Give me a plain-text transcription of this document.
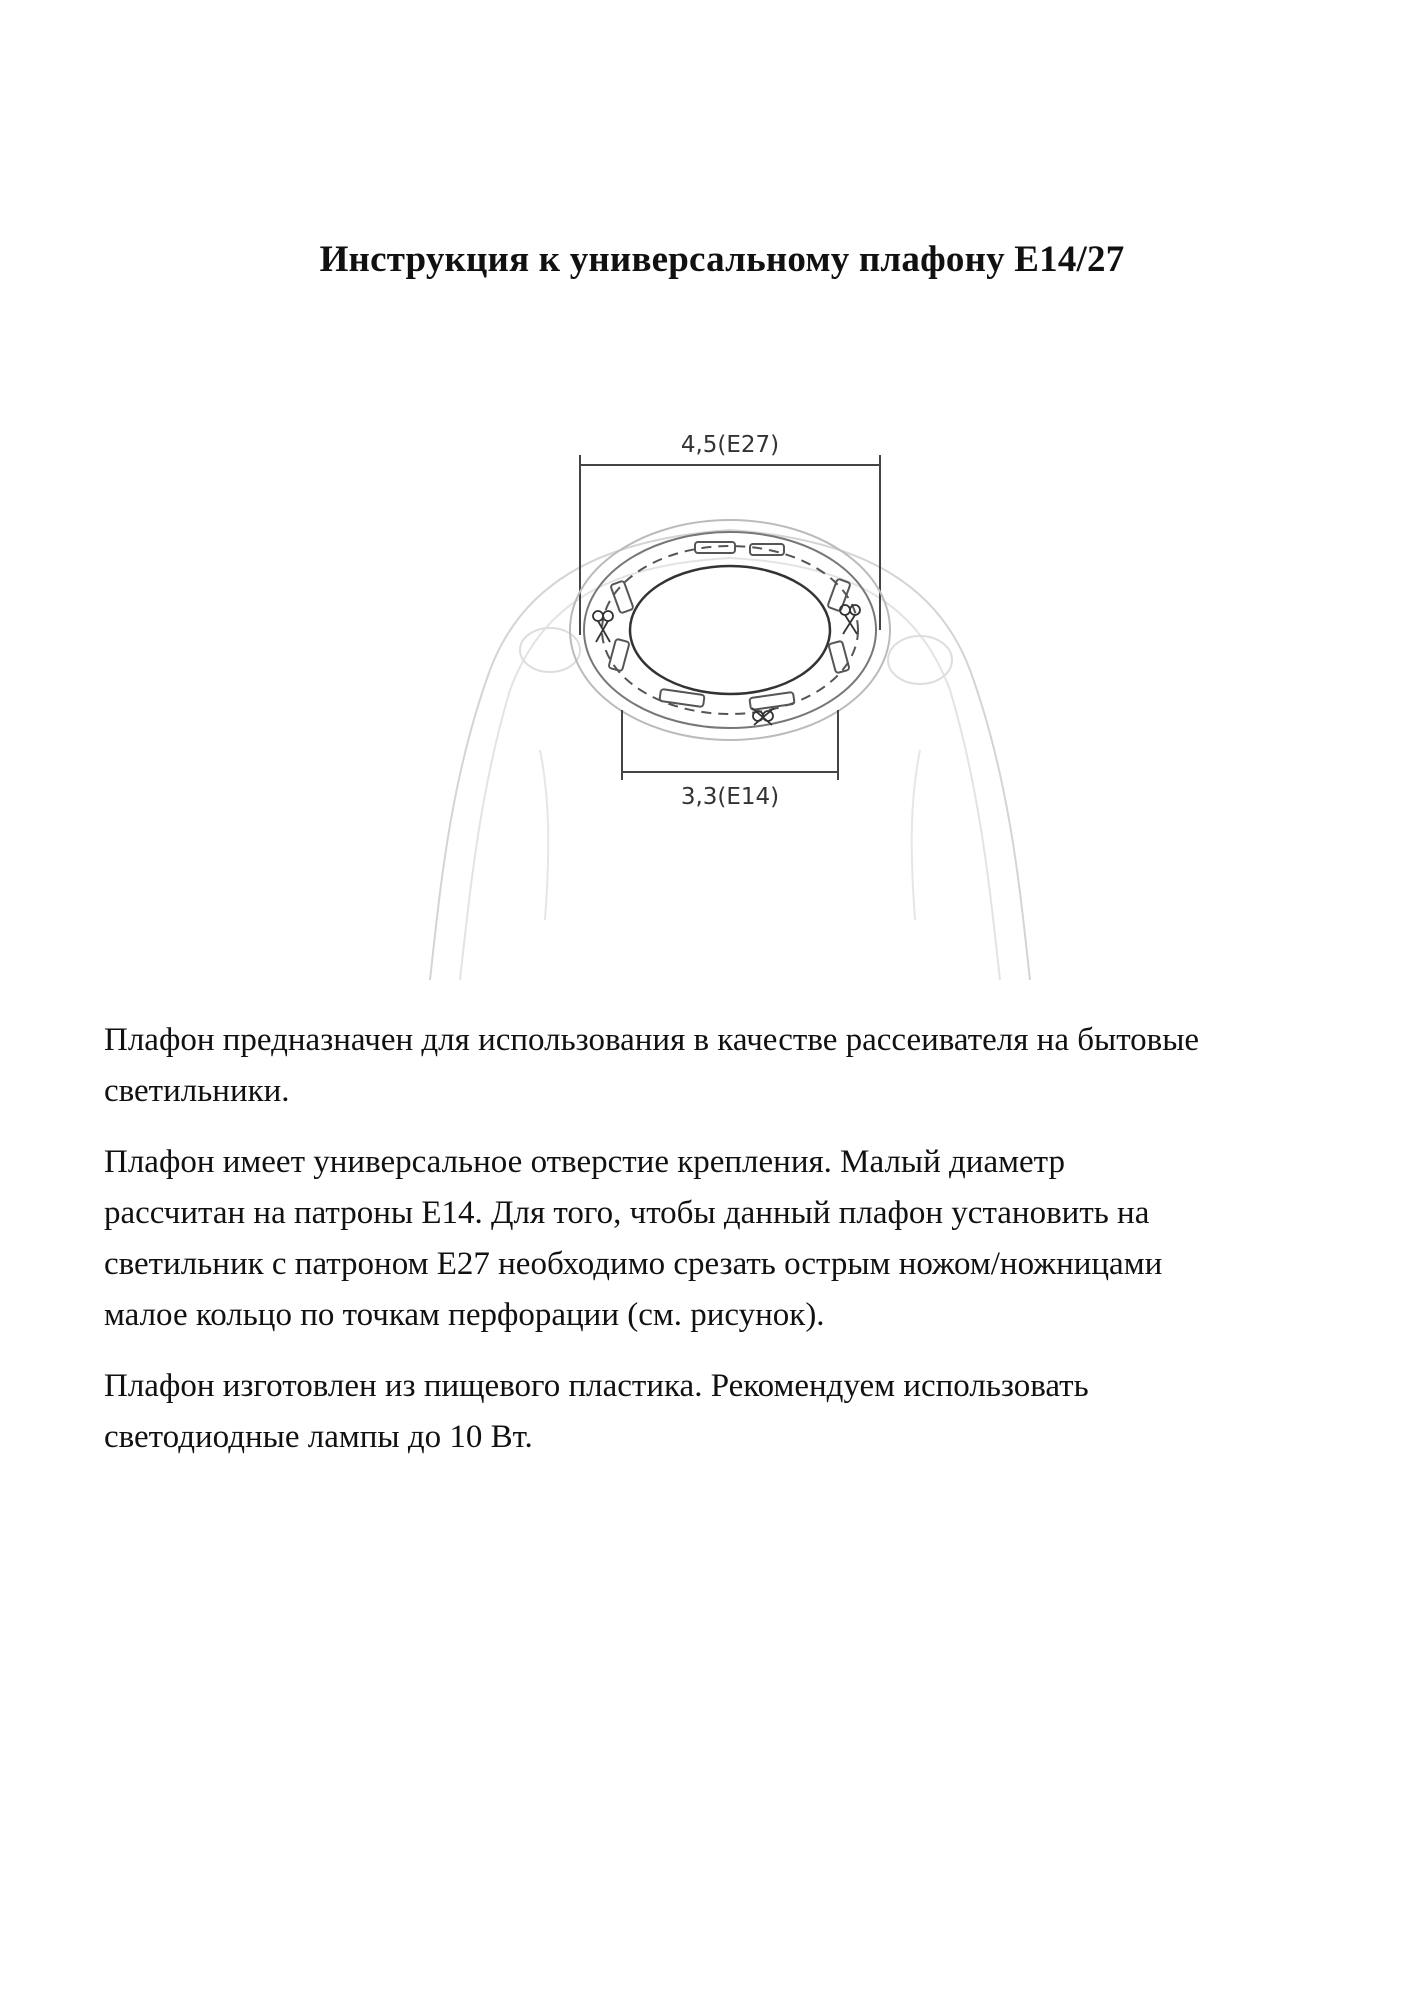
Инструкция к универсальному плафону E14/27
4,5(E27)
3,3(E14)

Плафон предназначен для использования в качестве рассеивателя на бытовые
светильники.

Плафон имеет универсальное отверстие крепления. Малый диаметр
рассчитан на патроны Е14. Для того, чтобы данный плафон установить на
светильник с патроном Е27 необходимо срезать острым ножом/ножницами
малое кольцо по точкам перфорации (см. рисунок).

Плафон изготовлен из пищевого пластика. Рекомендуем использовать
светодиодные лампы до 10 Вт.
